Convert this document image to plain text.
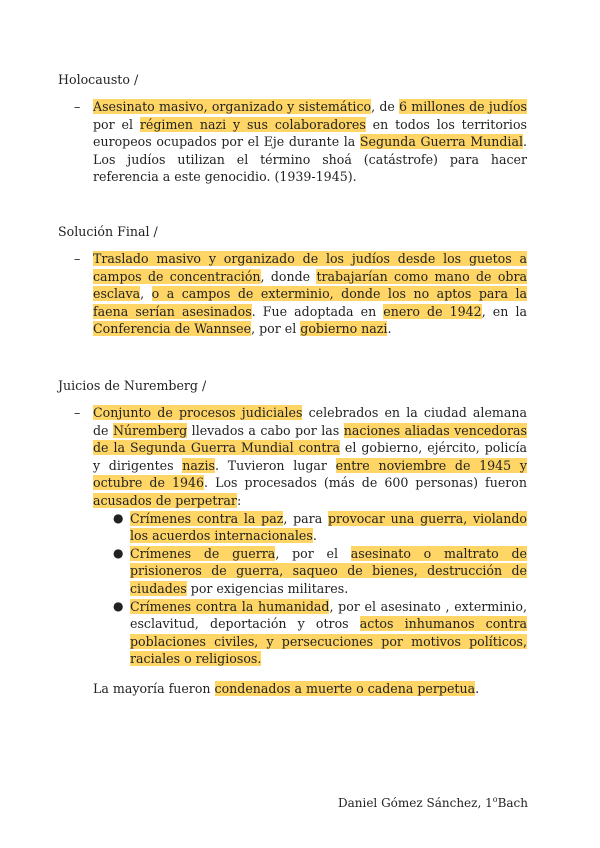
Holocausto /
– Asesinato masivo, organizado y sistemático, de 6 millones de judíos por el régimen nazi y sus colaboradores en todos los territorios europeos ocupados por el Eje durante la Segunda Guerra Mundial. Los judíos utilizan el término shoá (catástrofe) para hacer referencia a este genocidio. (1939-1945).

Solución Final /
– Traslado masivo y organizado de los judíos desde los guetos a campos de concentración, donde trabajarían como mano de obra esclava, o a campos de exterminio, donde los no aptos para la faena serían asesinados. Fue adoptada en enero de 1942, en la Conferencia de Wannsee, por el gobierno nazi.

Juicios de Nuremberg /
– Conjunto de procesos judiciales celebrados en la ciudad alemana de Núremberg llevados a cabo por las naciones aliadas vencedoras de la Segunda Guerra Mundial contra el gobierno, ejército, policía y dirigentes nazis. Tuvieron lugar entre noviembre de 1945 y octubre de 1946. Los procesados (más de 600 personas) fueron acusados de perpetrar:

● Crímenes contra la paz, para provocar una guerra, violando los acuerdos internacionales.
● Crímenes de guerra, por el asesinato o maltrato de prisioneros de guerra, saqueo de bienes, destrucción de ciudades por exigencias militares.
● Crímenes contra la humanidad, por el asesinato , exterminio, esclavitud, deportación y otros actos inhumanos contra poblaciones civiles, y persecuciones por motivos políticos, raciales o religiosos.

La mayoría fueron condenados a muerte o cadena perpetua.

Daniel Gómez Sánchez, 1$^o$Bach
